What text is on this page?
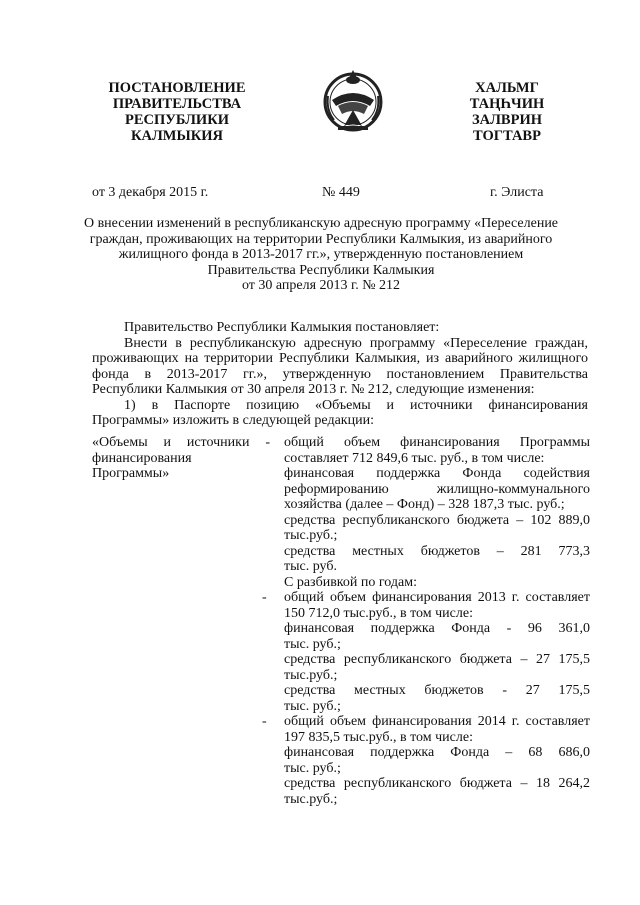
ПОСТАНОВЛЕНИЕ
ПРАВИТЕЛЬСТВА
РЕСПУБЛИКИ
КАЛМЫКИЯ
ХАЛЬМГ
ТАҢҺЧИН
ЗАЛВРИН
ТОГТАВР
от 3 декабря 2015 г.	№ 449	г. Элиста
О внесении изменений в республиканскую адресную программу «Переселение
граждан, проживающих на территории Республики Калмыкия, из аварийного
жилищного фонда в 2013-2017 гг.», утвержденную постановлением
Правительства Республики Калмыкия
от 30 апреля 2013 г. № 212
Правительство Республики Калмыкия постановляет:
Внести в республиканскую адресную программу «Переселение граждан,
проживающих на территории Республики Калмыкия, из аварийного жилищного
фонда в 2013-2017 гг.», утвержденную постановлением Правительства
Республики Калмыкия от 30 апреля 2013 г. № 212, следующие изменения:
1) в Паспорте позицию «Объемы и источники финансирования
Программы» изложить в следующей редакции:
«Объемы и источники -
финансирования
Программы»
общий объем финансирования Программы
составляет 712 849,6 тыс. руб., в том числе:
финансовая поддержка Фонда содействия
реформированию жилищно-коммунального
хозяйства (далее – Фонд) – 328 187,3 тыс. руб.;
средства республиканского бюджета – 102 889,0
тыс.руб.;
средства местных бюджетов – 281 773,3
тыс. руб.
С разбивкой по годам:
- общий объем финансирования 2013 г. составляет
150 712,0 тыс.руб., в том числе:
финансовая поддержка Фонда - 96 361,0
тыс. руб.;
средства республиканского бюджета – 27 175,5
тыс.руб.;
средства местных бюджетов - 27 175,5
тыс. руб.;
- общий объем финансирования 2014 г. составляет
197 835,5 тыс.руб., в том числе:
финансовая поддержка Фонда – 68 686,0
тыс. руб.;
средства республиканского бюджета – 18 264,2
тыс.руб.;
